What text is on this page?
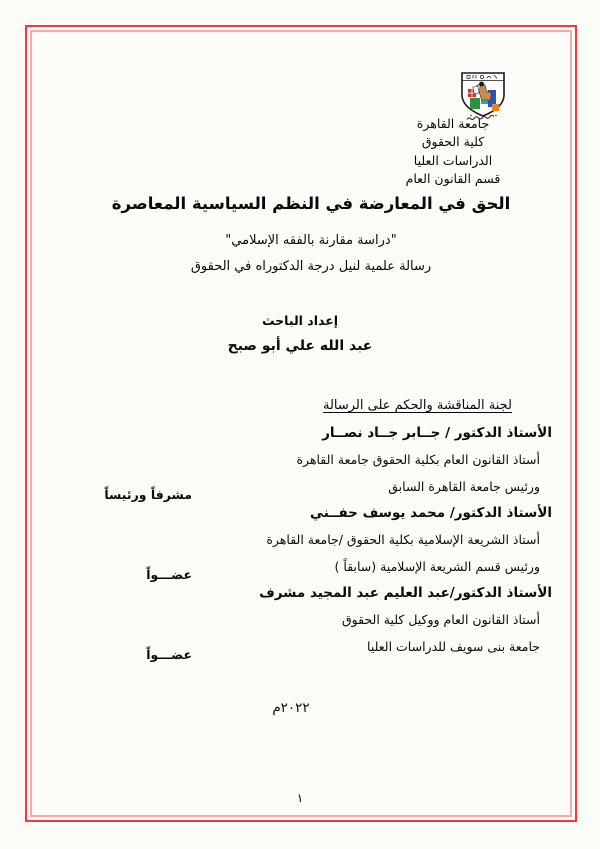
جامعة القاهرة
كلية الحقوق
الدراسات العليا
قسم القانون العام
الحق في المعارضة في النظم السياسية المعاصرة
"دراسة مقارنة بالفقه الإسلامي"
رسالة علمية لنيل درجة الدكتوراه في الحقوق
إعداد الباحث
عبد الله علي أبو صبح
لجنة المناقشة والحكم على الرسالة
الأستاذ الدكتور / جــابر جــاد نصــار
أستاذ القانون العام بكلية الحقوق جامعة القاهرة
ورئيس جامعة القاهرة السابق
مشرفاً ورئيساً
الأستاذ الدكتور/ محمد يوسف حفــني
أستاذ الشريعة الإسلامية بكلية الحقوق /جامعة القاهرة
ورئيس قسم الشريعة الإسلامية (سابقاً )
عضـــواً
الأستاذ الدكتور/عبد العليم عبد المجيد مشرف
أستاذ القانون العام ووكيل كلية الحقوق
جامعة بنى سويف للدراسات العليا
عضـــواً
٢٠٢٢م
١
